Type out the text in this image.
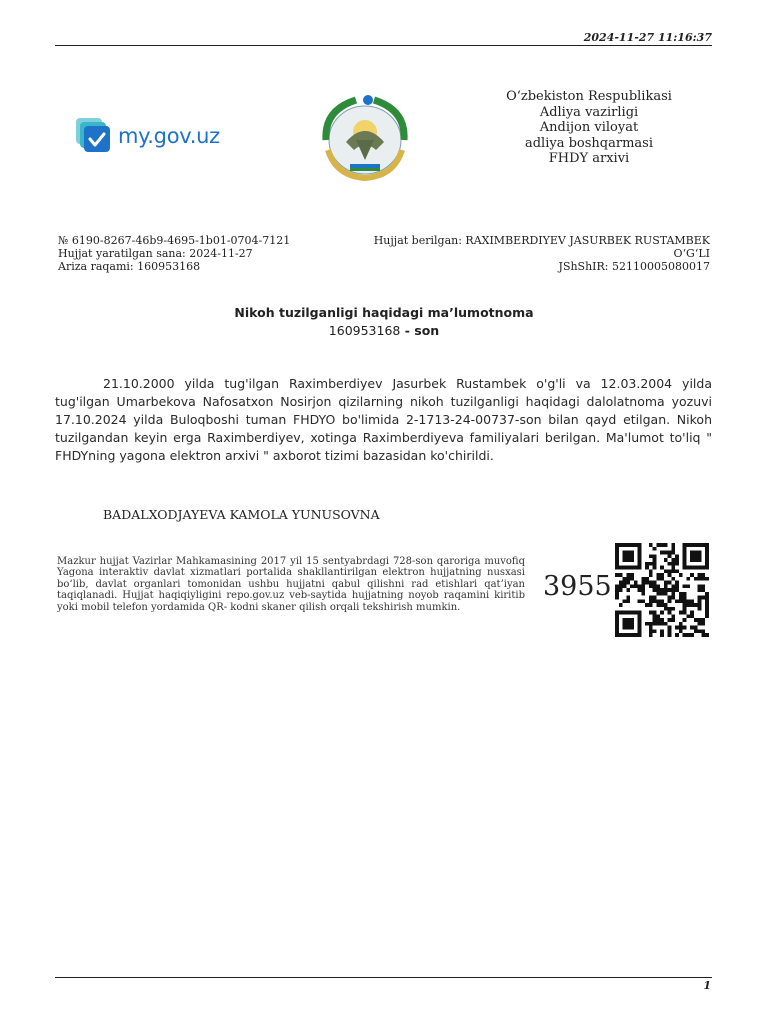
2024-11-27 11:16:37
my.gov.uz
O‘zbekiston Respublikasi
Adliya vazirligi
Andijon viloyat
adliya boshqarmasi
FHDY arxivi
№ 6190-8267-46b9-4695-1b01-0704-7121
Hujjat yaratilgan sana: 2024-11-27
Ariza raqami: 160953168
Hujjat berilgan: RAXIMBERDIYEV JASURBEK RUSTAMBEK
O‘G‘LI
JShShIR: 52110005080017
Nikoh tuzilganligi haqidagi ma’lumotnoma
160953168 - son
21.10.2000 yilda tug'ilgan Raximberdiyev Jasurbek Rustambek o'g'li va 12.03.2004 yilda tug'ilgan Umarbekova Nafosatxon Nosirjon qizilarning nikoh tuzilganligi haqidagi dalolatnoma yozuvi 17.10.2024 yilda Buloqboshi tuman FHDYO bo'limida 2-1713-24-00737-son bilan qayd etilgan. Nikoh tuzilgandan keyin erga Raximberdiyev, xotinga Raximberdiyeva familiyalari berilgan. Ma'lumot to'liq " FHDYning yagona elektron arxivi " axborot tizimi bazasidan ko'chirildi.
BADALXODJAYEVA KAMOLA YUNUSOVNA
Mazkur hujjat Vazirlar Mahkamasining 2017 yil 15 sentyabrdagi 728-son qaroriga muvofiq Yagona interaktiv davlat xizmatlari portalida shakllantirilgan elektron hujjatning nusxasi bo‘lib, davlat organlari tomonidan ushbu hujjatni qabul qilishni rad etishlari qat’iyan taqiqlanadi. Hujjat haqiqiyligini repo.gov.uz veb-saytida hujjatning noyob raqamini kiritib yoki mobil telefon yordamida QR- kodni skaner qilish orqali tekshirish mumkin.
3955
1
